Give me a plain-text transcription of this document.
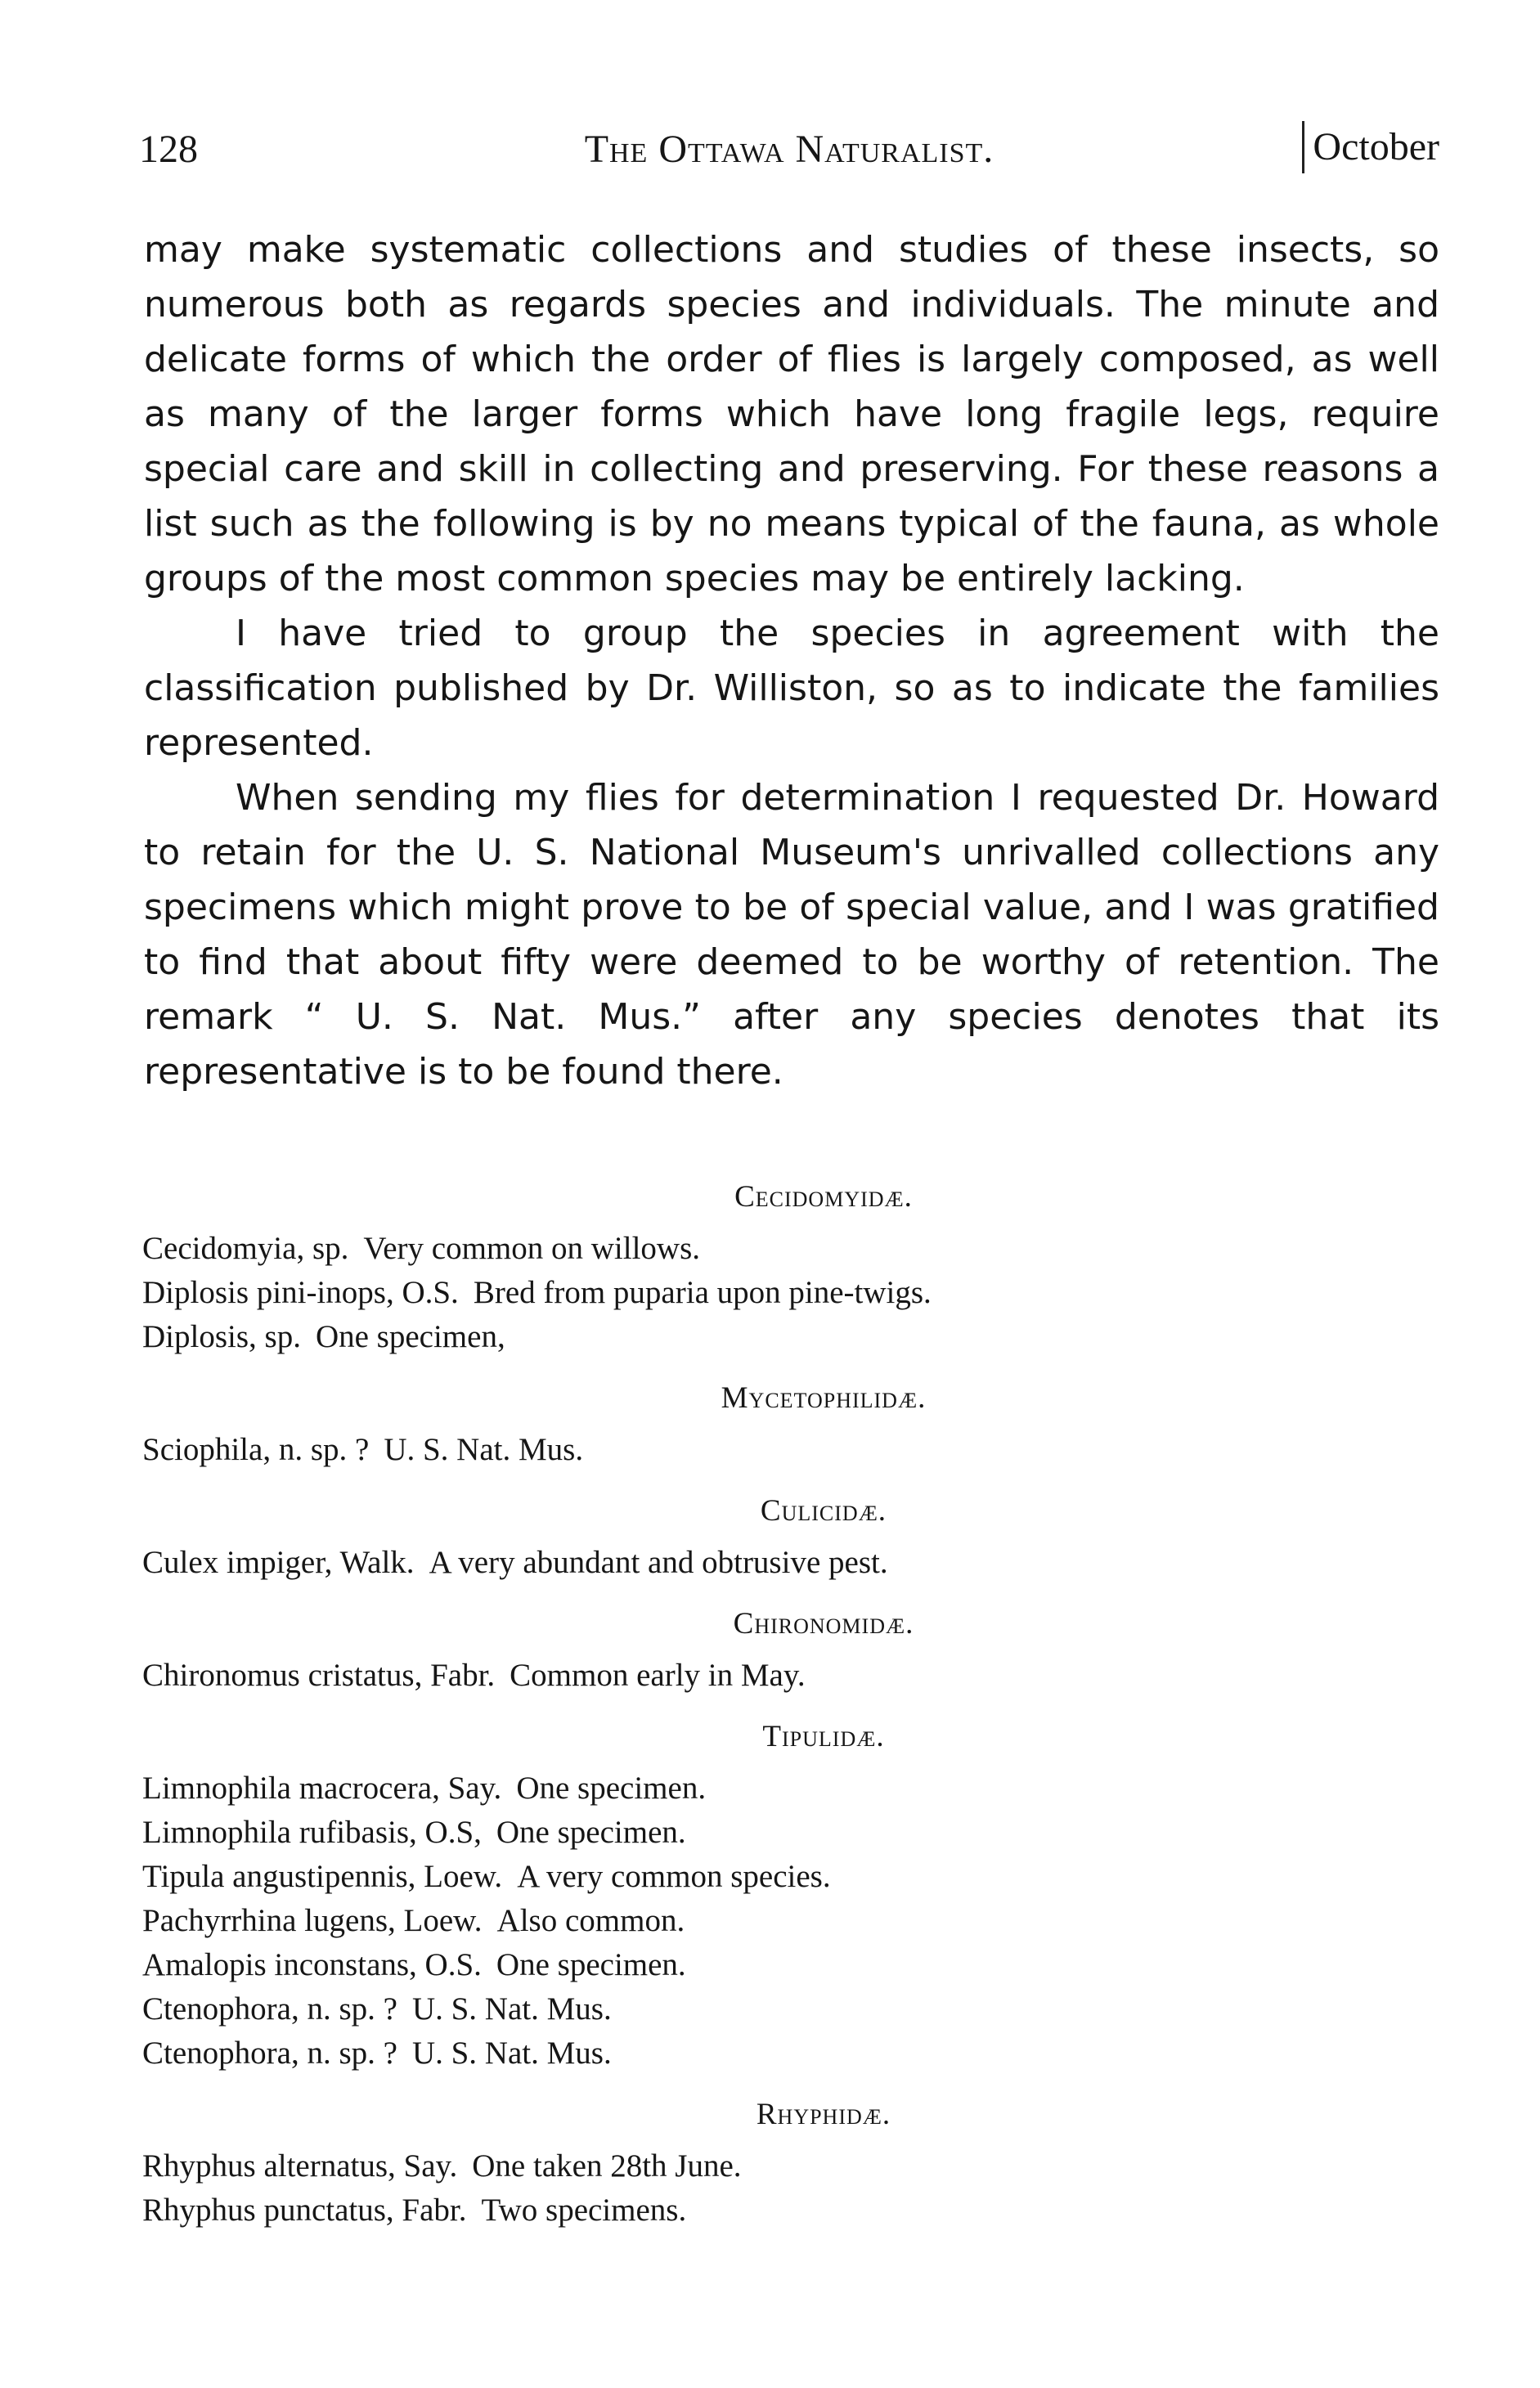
128	The Ottawa Naturalist.	October

may make systematic collections and studies of these insects, so numerous both as regards species and individuals. The minute and delicate forms of which the order of flies is largely composed, as well as many of the larger forms which have long fragile legs, require special care and skill in collecting and preserving. For these reasons a list such as the following is by no means typical of the fauna, as whole groups of the most common species may be entirely lacking.

I have tried to group the species in agreement with the classification published by Dr. Williston, so as to indicate the families represented.

When sending my flies for determination I requested Dr. Howard to retain for the U. S. National Museum's unrivalled collections any specimens which might prove to be of special value, and I was gratified to find that about fifty were deemed to be worthy of retention. The remark “ U. S. Nat. Mus.” after any species denotes that its representative is to be found there.

Cecidomyidæ.
Cecidomyia, sp. Very common on willows.
Diplosis pini-inops, O.S. Bred from puparia upon pine-twigs.
Diplosis, sp. One specimen,
Mycetophilidæ.
Sciophila, n. sp. ? U. S. Nat. Mus.
Culicidæ.
Culex impiger, Walk. A very abundant and obtrusive pest.
Chironomidæ.
Chironomus cristatus, Fabr. Common early in May.
Tipulidæ.
Limnophila macrocera, Say. One specimen.
Limnophila rufibasis, O.S, One specimen.
Tipula angustipennis, Loew. A very common species.
Pachyrrhina lugens, Loew. Also common.
Amalopis inconstans, O.S. One specimen.
Ctenophora, n. sp. ? U. S. Nat. Mus.
Ctenophora, n. sp. ? U. S. Nat. Mus.
Rhyphidæ.
Rhyphus alternatus, Say. One taken 28th June.
Rhyphus punctatus, Fabr. Two specimens.
